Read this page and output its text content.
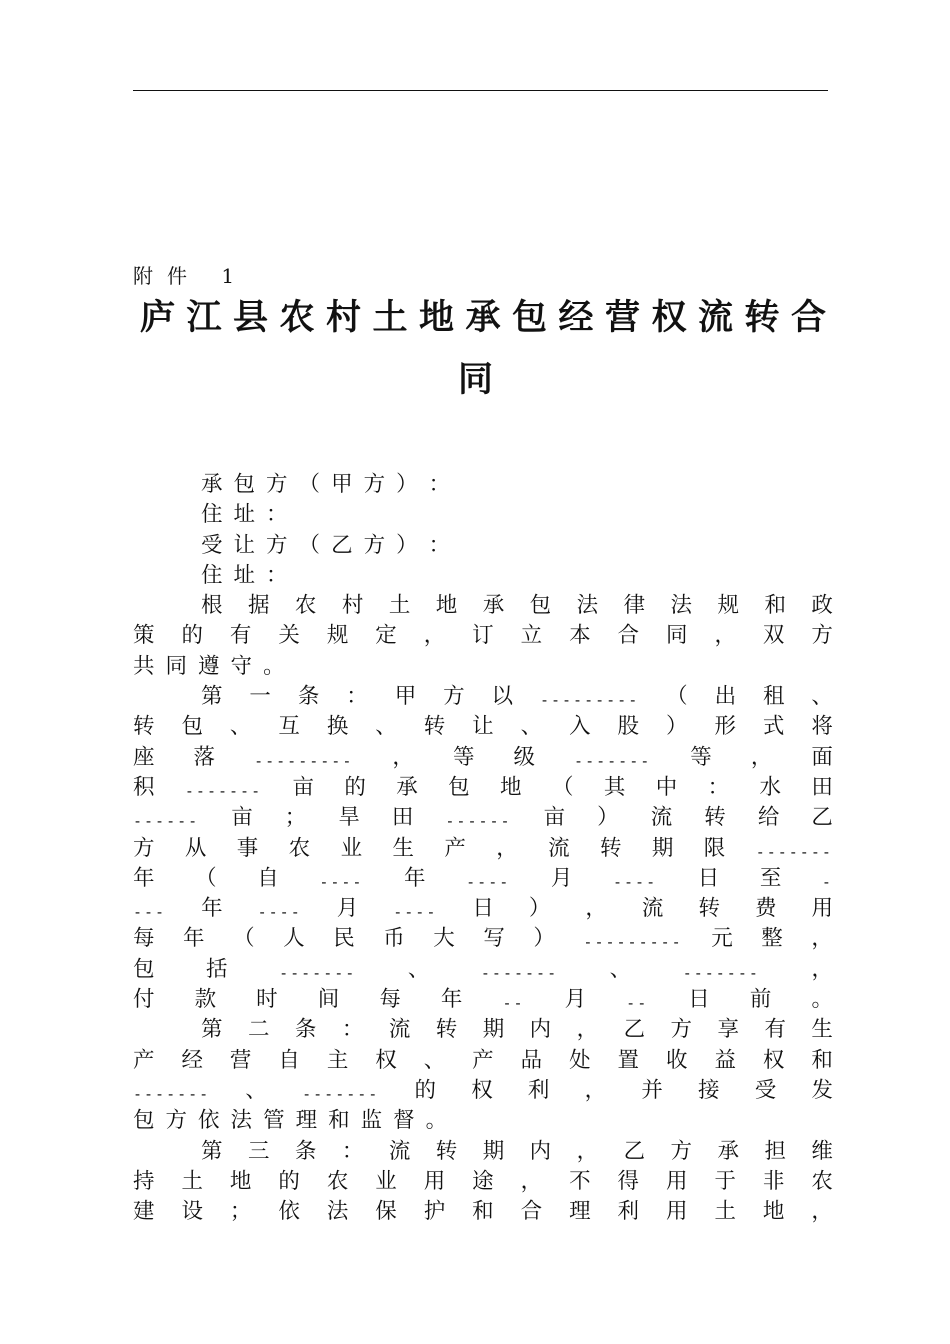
附件 1
庐江县农村土地承包经营权流转合
同
承 包 方 （ 甲 方 ） ：
住 址 ：
受 让 方 （ 乙 方 ） ：
住 址 ：
根 据 农 村 土 地 承 包 法 律 法 规 和 政
策 的 有 关 规 定 ， 订 立 本 合 同 ， 双 方
共 同 遵 守 。
第 一 条 ： 甲 方 以 --------- （ 出 租 、
转 包 、 互 换 、 转 让 、 入 股 ） 形 式 将
座 落	--------- ， 等 级	------- 等 ， 面
积 ------- 亩 的 承 包 地 （ 其 中 ： 水 田
------ 亩 ； 旱 田 ------ 亩 ） 流 转 给 乙
方 从 事 农 业 生 产 ， 流 转 期 限 -------
年 （ 自	---- 年	---- 月	---- 日 至	-
--- 年 ---- 月 ---- 日 ） ， 流 转 费 用
每 年 （ 人 民 币 大 写 ） --------- 元 整 ，
包 括	------- 、	------- 、	------- ，
付 款 时 间 每 年	-- 月	-- 日 前 。
第 二 条 ： 流 转 期 内 ， 乙 方 享 有 生
产 经 营 自 主 权 、 产 品 处 置 收 益 权 和
------- 、 ------- 的 权 利 ， 并 接 受 发
包 方 依 法 管 理 和 监 督 。
第 三 条 ： 流 转 期 内 ， 乙 方 承 担 维
持 土 地 的 农 业 用 途 ， 不 得 用 于 非 农
建 设 ； 依 法 保 护 和 合 理 利 用 土 地 ，
